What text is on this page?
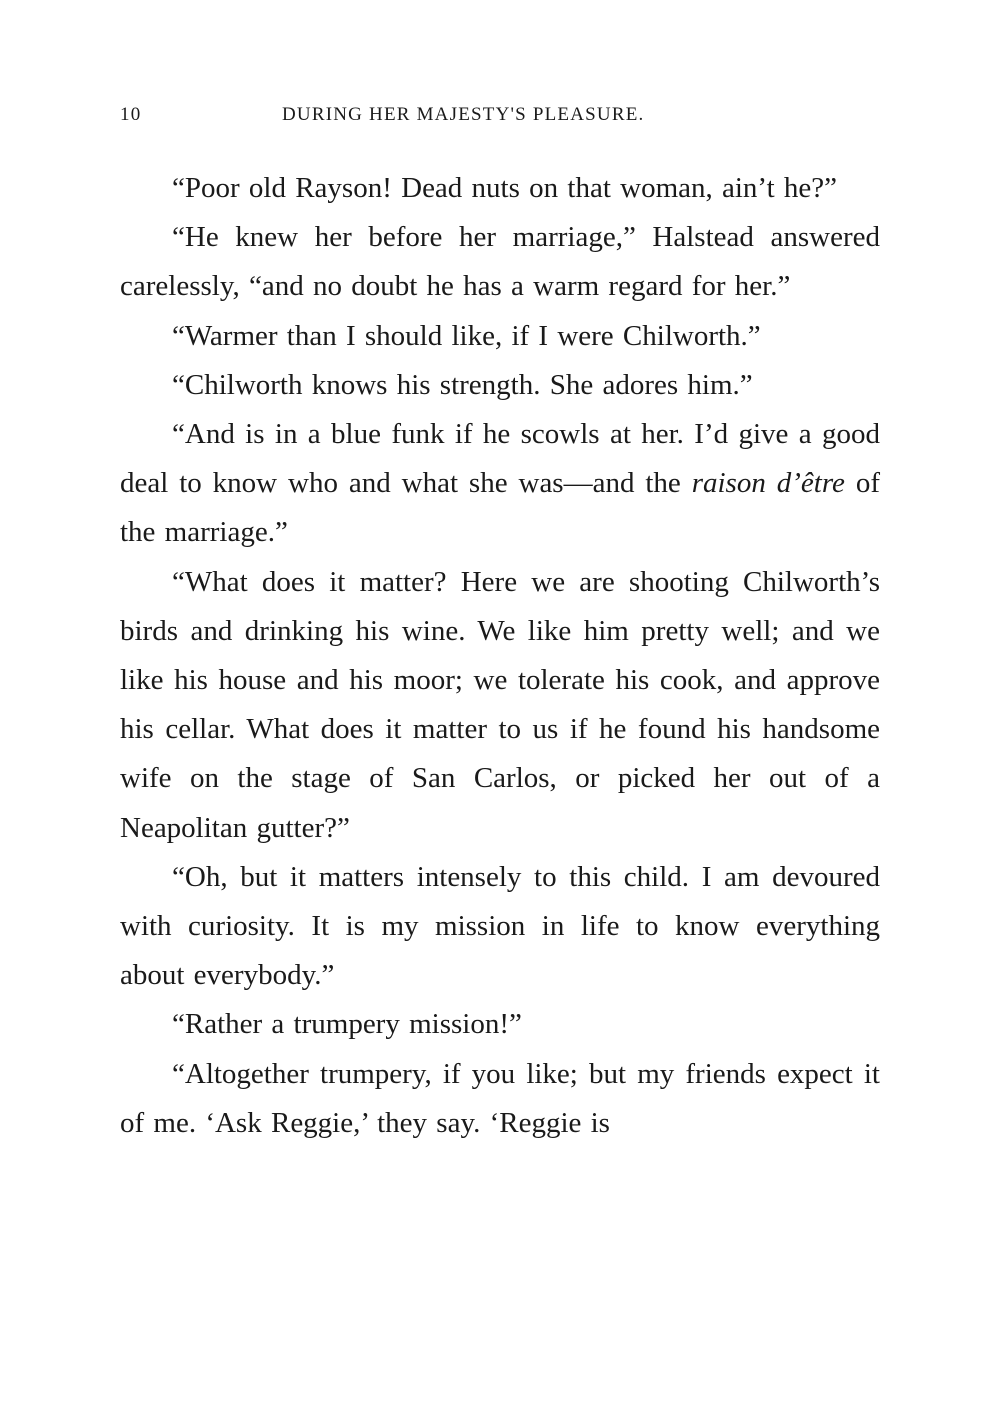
10	DURING HER MAJESTY'S PLEASURE.

“Poor old Rayson! Dead nuts on that woman, ain’t he?”

“He knew her before her marriage,” Halstead answered carelessly, “and no doubt he has a warm regard for her.”

“Warmer than I should like, if I were Chilworth.”

“Chilworth knows his strength. She adores him.”

“And is in a blue funk if he scowls at her. I’d give a good deal to know who and what she was—and the raison d’être of the marriage.”

“What does it matter? Here we are shooting Chilworth’s birds and drinking his wine. We like him pretty well; and we like his house and his moor; we tolerate his cook, and approve his cellar. What does it matter to us if he found his handsome wife on the stage of San Carlos, or picked her out of a Neapolitan gutter?”

“Oh, but it matters intensely to this child. I am devoured with curiosity. It is my mission in life to know everything about everybody.”

“Rather a trumpery mission!”

“Altogether trumpery, if you like; but my friends expect it of me. ‘Ask Reggie,’ they say. ‘Reggie is
